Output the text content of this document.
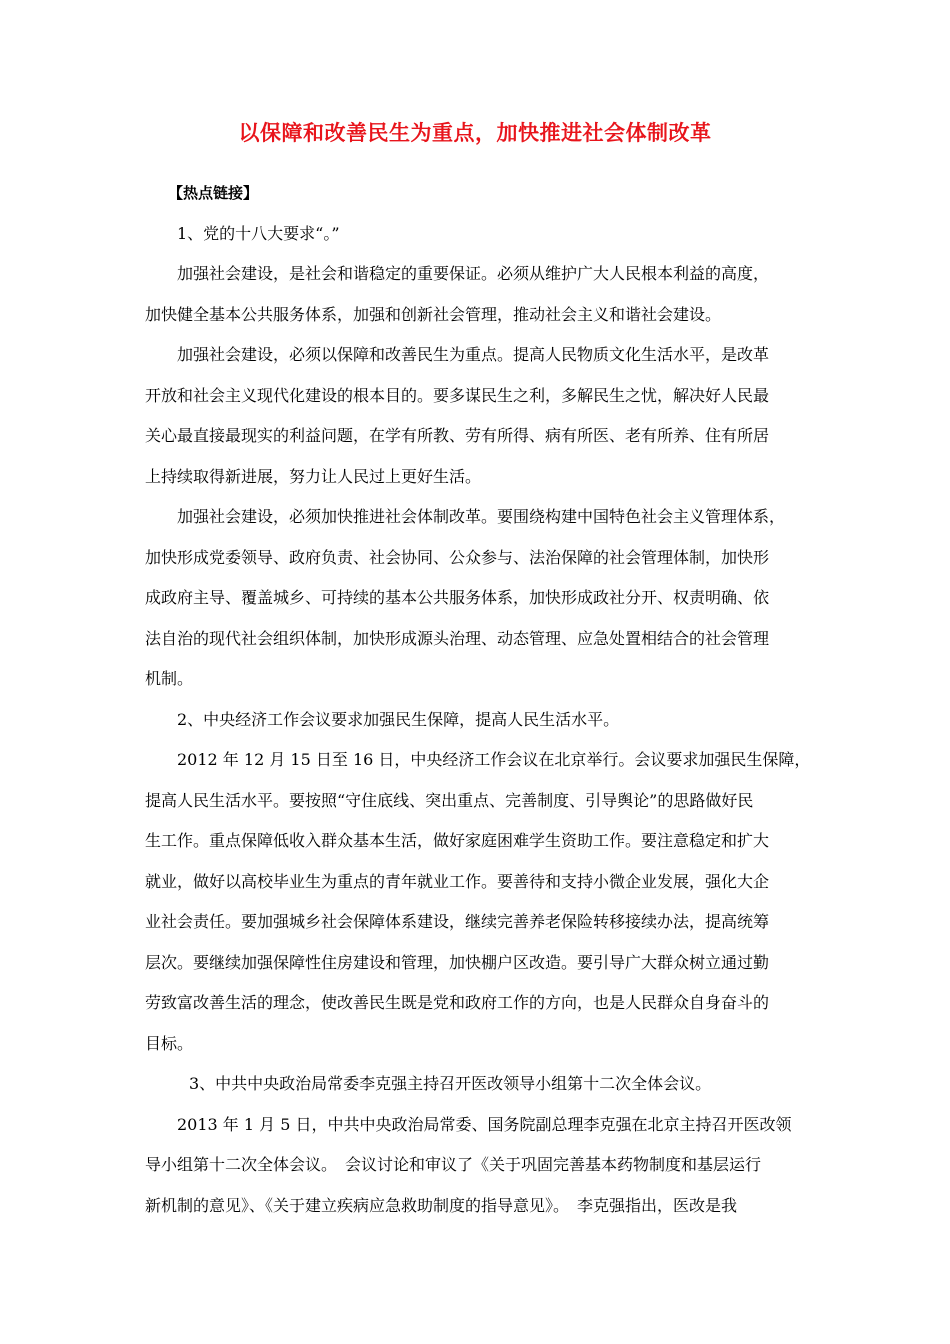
以保障和改善民生为重点，加快推进社会体制改革
【热点链接】
1、党的十八大要求“。”
加强社会建设，是社会和谐稳定的重要保证。必须从维护广大人民根本利益的高度，
加快健全基本公共服务体系，加强和创新社会管理，推动社会主义和谐社会建设。
加强社会建设，必须以保障和改善民生为重点。提高人民物质文化生活水平，是改革
开放和社会主义现代化建设的根本目的。要多谋民生之利，多解民生之忧，解决好人民最
关心最直接最现实的利益问题，在学有所教、劳有所得、病有所医、老有所养、住有所居
上持续取得新进展，努力让人民过上更好生活。
加强社会建设，必须加快推进社会体制改革。要围绕构建中国特色社会主义管理体系，
加快形成党委领导、政府负责、社会协同、公众参与、法治保障的社会管理体制，加快形
成政府主导、覆盖城乡、可持续的基本公共服务体系，加快形成政社分开、权责明确、依
法自治的现代社会组织体制，加快形成源头治理、动态管理、应急处置相结合的社会管理
机制。
2、中央经济工作会议要求加强民生保障，提高人民生活水平。
2012 年 12 月 15 日至 16 日，中央经济工作会议在北京举行。会议要求加强民生保障，
提高人民生活水平。要按照“守住底线、突出重点、完善制度、引导舆论”的思路做好民
生工作。重点保障低收入群众基本生活，做好家庭困难学生资助工作。要注意稳定和扩大
就业，做好以高校毕业生为重点的青年就业工作。要善待和支持小微企业发展，强化大企
业社会责任。要加强城乡社会保障体系建设，继续完善养老保险转移接续办法，提高统筹
层次。要继续加强保障性住房建设和管理，加快棚户区改造。要引导广大群众树立通过勤
劳致富改善生活的理念，使改善民生既是党和政府工作的方向，也是人民群众自身奋斗的
目标。
3、中共中央政治局常委李克强主持召开医改领导小组第十二次全体会议。
2013 年 1 月 5 日，中共中央政治局常委、国务院副总理李克强在北京主持召开医改领
导小组第十二次全体会议。　会议讨论和审议了《关于巩固完善基本药物制度和基层运行
新机制的意见》、《关于建立疾病应急救助制度的指导意见》。　李克强指出，医改是我
